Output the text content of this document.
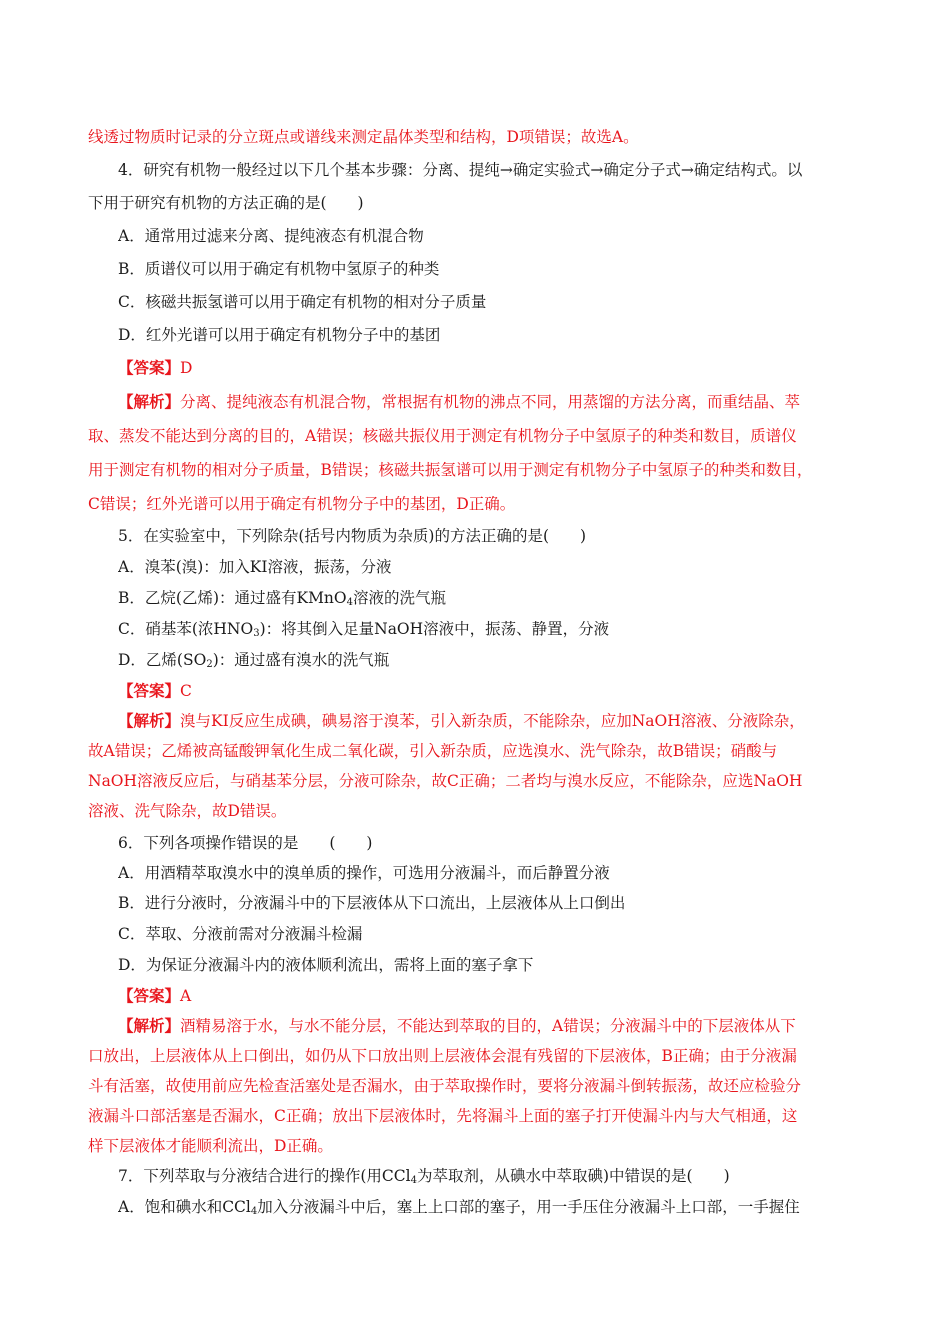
线透过物质时记录的分立斑点或谱线来测定晶体类型和结构，D项错误；故选A。
4．研究有机物一般经过以下几个基本步骤：分离、提纯→确定实验式→确定分子式→确定结构式。以
下用于研究有机物的方法正确的是(　　)
A．通常用过滤来分离、提纯液态有机混合物
B．质谱仪可以用于确定有机物中氢原子的种类
C．核磁共振氢谱可以用于确定有机物的相对分子质量
D．红外光谱可以用于确定有机物分子中的基团
【答案】D
【解析】分离、提纯液态有机混合物，常根据有机物的沸点不同，用蒸馏的方法分离，而重结晶、萃
取、蒸发不能达到分离的目的，A错误；核磁共振仪用于测定有机物分子中氢原子的种类和数目，质谱仪
用于测定有机物的相对分子质量，B错误；核磁共振氢谱可以用于测定有机物分子中氢原子的种类和数目，
C错误；红外光谱可以用于确定有机物分子中的基团，D正确。
5．在实验室中，下列除杂(括号内物质为杂质)的方法正确的是(　　)
A．溴苯(溴)：加入KI溶液，振荡，分液
B．乙烷(乙烯)：通过盛有KMnO$_4$溶液的洗气瓶
C．硝基苯(浓$HNO_3$)：将其倒入足量NaOH溶液中，振荡、静置，分液
D．乙烯$(SO_2)$：通过盛有溴水的洗气瓶
【答案】C
【解析】溴与KI反应生成碘，碘易溶于溴苯，引入新杂质，不能除杂，应加NaOH溶液、分液除杂，
故A错误；乙烯被高锰酸钾氧化生成二氧化碳，引入新杂质，应选溴水、洗气除杂，故B错误；硝酸与
NaOH溶液反应后，与硝基苯分层，分液可除杂，故C正确；二者均与溴水反应，不能除杂，应选NaOH
溶液、洗气除杂，故D错误。
6．下列各项操作错误的是　　(　　)
A．用酒精萃取溴水中的溴单质的操作，可选用分液漏斗，而后静置分液
B．进行分液时，分液漏斗中的下层液体从下口流出，上层液体从上口倒出
C．萃取、分液前需对分液漏斗检漏
D．为保证分液漏斗内的液体顺利流出，需将上面的塞子拿下
【答案】A
【解析】酒精易溶于水，与水不能分层，不能达到萃取的目的，A错误；分液漏斗中的下层液体从下
口放出，上层液体从上口倒出，如仍从下口放出则上层液体会混有残留的下层液体，B正确；由于分液漏
斗有活塞，故使用前应先检查活塞处是否漏水，由于萃取操作时，要将分液漏斗倒转振荡，故还应检验分
液漏斗口部活塞是否漏水，C正确；放出下层液体时，先将漏斗上面的塞子打开使漏斗内与大气相通，这
样下层液体才能顺利流出，D正确。
7．下列萃取与分液结合进行的操作(用CCl$_4$为萃取剂，从碘水中萃取碘)中错误的是(　　)
A．饱和碘水和CCl$_4$加入分液漏斗中后，塞上上口部的塞子，用一手压住分液漏斗上口部，一手握住
